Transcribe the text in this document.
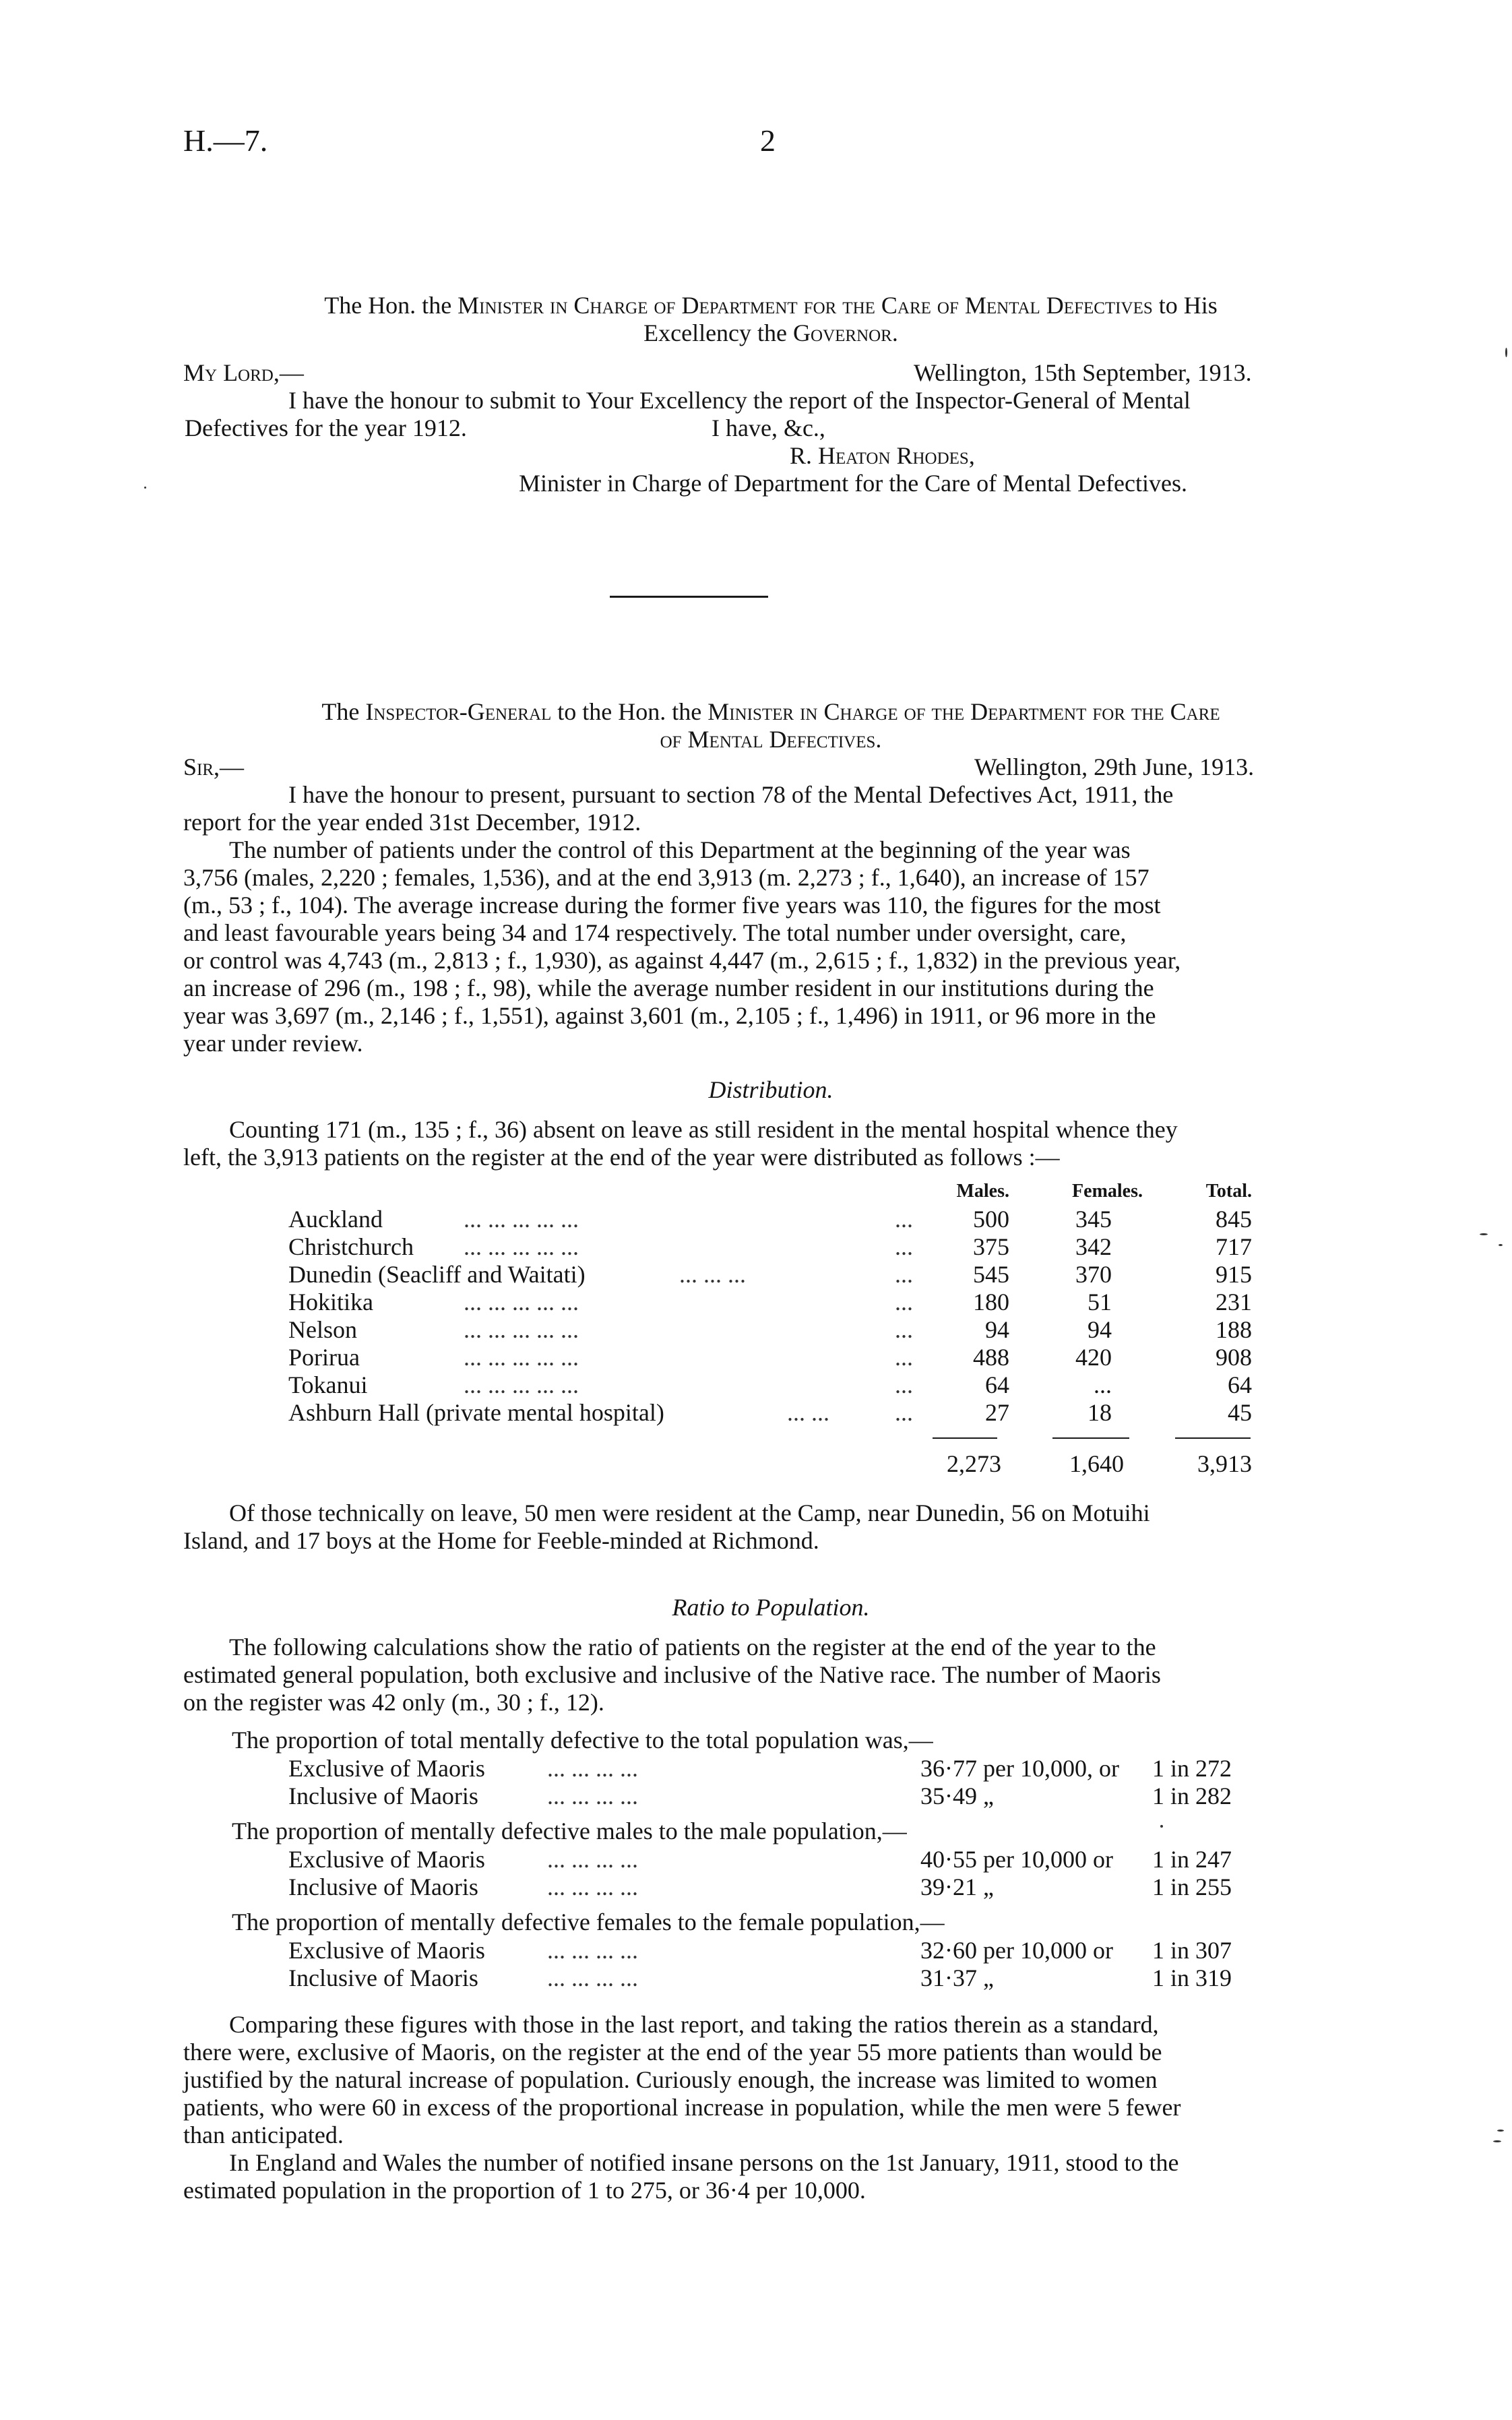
H.—7.	2
The Hon. the Minister in Charge of Department for the Care of Mental Defectives to His
Excellency the Governor.
My Lord,—	Wellington, 15th September, 1913.
I have the honour to submit to Your Excellency the report of the Inspector-General of Mental
Defectives for the year 1912.	I have, &c.,
R. Heaton Rhodes,
Minister in Charge of Department for the Care of Mental Defectives.
The Inspector-General to the Hon. the Minister in Charge of the Department for the Care
of Mental Defectives.
Sir,—	Wellington, 29th June, 1913.
I have the honour to present, pursuant to section 78 of the Mental Defectives Act, 1911, the
report for the year ended 31st December, 1912.
The number of patients under the control of this Department at the beginning of the year was
3,756 (males, 2,220 ; females, 1,536), and at the end 3,913 (m. 2,273 ; f., 1,640), an increase of 157
(m., 53 ; f., 104). The average increase during the former five years was 110, the figures for the most
and least favourable years being 34 and 174 respectively. The total number under oversight, care,
or control was 4,743 (m., 2,813 ; f., 1,930), as against 4,447 (m., 2,615 ; f., 1,832) in the previous year,
an increase of 296 (m., 198 ; f., 98), while the average number resident in our institutions during the
year was 3,697 (m., 2,146 ; f., 1,551), against 3,601 (m., 2,105 ; f., 1,496) in 1911, or 96 more in the
year under review.
Distribution.
Counting 171 (m., 135 ; f., 36) absent on leave as still resident in the mental hospital whence they
left, the 3,913 patients on the register at the end of the year were distributed as follows :—
Males.	Females.	Total.
Auckland	... ... ... ... ...	...	500	345	845
Christchurch ... ... ... ... ...	...	375	342	717
Dunedin (Seacliff and Waitati)	... ... ...	...	545	370	915
Hokitika	... ... ... ... ...	...	180	51	231
Nelson	... ... ... ... ...	...	94	94	188
Porirua	... ... ... ... ...	...	488	420	908
Tokanui	... ... ... ... ...	...	64	...	64
Ashburn Hall (private mental hospital)	... ...	...	27	18	45
2,273	1,640	3,913
Of those technically on leave, 50 men were resident at the Camp, near Dunedin, 56 on Motuihi
Island, and 17 boys at the Home for Feeble-minded at Richmond.
Ratio to Population.
The following calculations show the ratio of patients on the register at the end of the year to the
estimated general population, both exclusive and inclusive of the Native race. The number of Maoris
on the register was 42 only (m., 30 ; f., 12).
The proportion of total mentally defective to the total population was,—
Exclusive of Maoris	... ... ... ...	36·77 per 10,000, or 1 in 272
Inclusive of Maoris	... ... ... ...	35·49 „	1 in 282
The proportion of mentally defective males to the male population,—
Exclusive of Maoris	... ... ... ...	40·55 per 10,000 or 1 in 247
Inclusive of Maoris	... ... ... ...	39·21 „	1 in 255
The proportion of mentally defective females to the female population,—
Exclusive of Maoris	... ... ... ...	32·60 per 10,000 or 1 in 307
Inclusive of Maoris	... ... ... ...	31·37 „	1 in 319
Comparing these figures with those in the last report, and taking the ratios therein as a standard,
there were, exclusive of Maoris, on the register at the end of the year 55 more patients than would be
justified by the natural increase of population. Curiously enough, the increase was limited to women
patients, who were 60 in excess of the proportional increase in population, while the men were 5 fewer
than anticipated.
In England and Wales the number of notified insane persons on the 1st January, 1911, stood to the
estimated population in the proportion of 1 to 275, or 36·4 per 10,000.
